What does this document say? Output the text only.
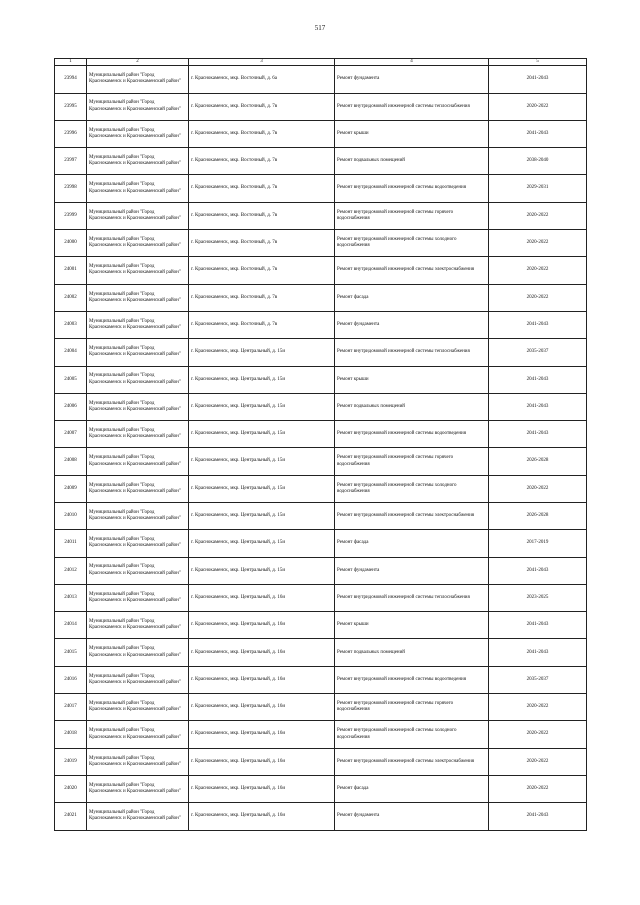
517
1	2	3	4	5
23994	Муниципальный район "Город Краснокаменск и Краснокаменский район"	г. Краснокаменск, мкр. Восточный, д. 6а	Ремонт фундамента	2041-2043
23995	Муниципальный район "Город Краснокаменск и Краснокаменский район"	г. Краснокаменск, мкр. Восточный, д. 7в	Ремонт внутридомовой инженерной системы теплоснабжения	2020-2022
23996	Муниципальный район "Город Краснокаменск и Краснокаменский район"	г. Краснокаменск, мкр. Восточный, д. 7в	Ремонт крыши	2041-2043
23997	Муниципальный район "Город Краснокаменск и Краснокаменский район"	г. Краснокаменск, мкр. Восточный, д. 7в	Ремонт подвальных помещений	2038-2040
23998	Муниципальный район "Город Краснокаменск и Краснокаменский район"	г. Краснокаменск, мкр. Восточный, д. 7в	Ремонт внутридомовой инженерной системы водоотведения	2029-2031
23999	Муниципальный район "Город Краснокаменск и Краснокаменский район"	г. Краснокаменск, мкр. Восточный, д. 7в	Ремонт внутридомовой инженерной системы горячего водоснабжения	2020-2022
24000	Муниципальный район "Город Краснокаменск и Краснокаменский район"	г. Краснокаменск, мкр. Восточный, д. 7в	Ремонт внутридомовой инженерной системы холодного водоснабжения	2020-2022
24001	Муниципальный район "Город Краснокаменск и Краснокаменский район"	г. Краснокаменск, мкр. Восточный, д. 7в	Ремонт внутридомовой инженерной системы электроснабжения	2020-2022
24002	Муниципальный район "Город Краснокаменск и Краснокаменский район"	г. Краснокаменск, мкр. Восточный, д. 7в	Ремонт фасада	2020-2022
24003	Муниципальный район "Город Краснокаменск и Краснокаменский район"	г. Краснокаменск, мкр. Восточный, д. 7в	Ремонт фундамента	2041-2043
24004	Муниципальный район "Город Краснокаменск и Краснокаменский район"	г. Краснокаменск, мкр. Центральный, д. 15и	Ремонт внутридомовой инженерной системы теплоснабжения	2035-2037
24005	Муниципальный район "Город Краснокаменск и Краснокаменский район"	г. Краснокаменск, мкр. Центральный, д. 15и	Ремонт крыши	2041-2043
24006	Муниципальный район "Город Краснокаменск и Краснокаменский район"	г. Краснокаменск, мкр. Центральный, д. 15и	Ремонт подвальных помещений	2041-2043
24007	Муниципальный район "Город Краснокаменск и Краснокаменский район"	г. Краснокаменск, мкр. Центральный, д. 15и	Ремонт внутридомовой инженерной системы водоотведения	2041-2043
24008	Муниципальный район "Город Краснокаменск и Краснокаменский район"	г. Краснокаменск, мкр. Центральный, д. 15и	Ремонт внутридомовой инженерной системы горячего водоснабжения	2026-2028
24009	Муниципальный район "Город Краснокаменск и Краснокаменский район"	г. Краснокаменск, мкр. Центральный, д. 15и	Ремонт внутридомовой инженерной системы холодного водоснабжения	2020-2022
24010	Муниципальный район "Город Краснокаменск и Краснокаменский район"	г. Краснокаменск, мкр. Центральный, д. 15и	Ремонт внутридомовой инженерной системы электроснабжения	2026-2028
24011	Муниципальный район "Город Краснокаменск и Краснокаменский район"	г. Краснокаменск, мкр. Центральный, д. 15и	Ремонт фасада	2017-2019
24012	Муниципальный район "Город Краснокаменск и Краснокаменский район"	г. Краснокаменск, мкр. Центральный, д. 15и	Ремонт фундамента	2041-2043
24013	Муниципальный район "Город Краснокаменск и Краснокаменский район"	г. Краснокаменск, мкр. Центральный, д. 16и	Ремонт внутридомовой инженерной системы теплоснабжения	2023-2025
24014	Муниципальный район "Город Краснокаменск и Краснокаменский район"	г. Краснокаменск, мкр. Центральный, д. 16и	Ремонт крыши	2041-2043
24015	Муниципальный район "Город Краснокаменск и Краснокаменский район"	г. Краснокаменск, мкр. Центральный, д. 16и	Ремонт подвальных помещений	2041-2043
24016	Муниципальный район "Город Краснокаменск и Краснокаменский район"	г. Краснокаменск, мкр. Центральный, д. 16и	Ремонт внутридомовой инженерной системы водоотведения	2035-2037
24017	Муниципальный район "Город Краснокаменск и Краснокаменский район"	г. Краснокаменск, мкр. Центральный, д. 16и	Ремонт внутридомовой инженерной системы горячего водоснабжения	2020-2022
24018	Муниципальный район "Город Краснокаменск и Краснокаменский район"	г. Краснокаменск, мкр. Центральный, д. 16и	Ремонт внутридомовой инженерной системы холодного водоснабжения	2020-2022
24019	Муниципальный район "Город Краснокаменск и Краснокаменский район"	г. Краснокаменск, мкр. Центральный, д. 16и	Ремонт внутридомовой инженерной системы электроснабжения	2020-2022
24020	Муниципальный район "Город Краснокаменск и Краснокаменский район"	г. Краснокаменск, мкр. Центральный, д. 16и	Ремонт фасада	2020-2022
24021	Муниципальный район "Город Краснокаменск и Краснокаменский район"	г. Краснокаменск, мкр. Центральный, д. 16и	Ремонт фундамента	2041-2043
